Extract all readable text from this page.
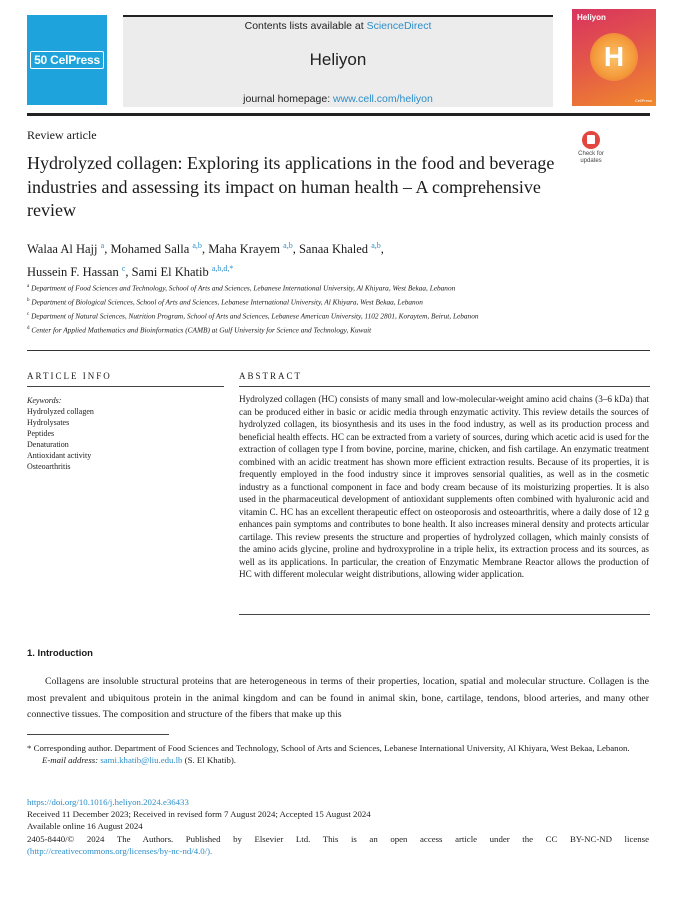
50 CelPress
Contents lists available at ScienceDirect
Heliyon
journal homepage: www.cell.com/heliyon
Heliyon
H
CellPress
Review article
Check for
updates
Hydrolyzed collagen: Exploring its applications in the food and beverage industries and assessing its impact on human health – A comprehensive review
Walaa Al Hajj $^a$, Mohamed Salla $^{a,b}$, Maha Krayem $^{a,b}$, Sanaa Khaled $^{a,b}$,
Hussein F. Hassan $^c$, Sami El Khatib $^{a,b,d,*}$
$^a$ Department of Food Sciences and Technology, School of Arts and Sciences, Lebanese International University, Al Khiyara, West Bekaa, Lebanon
$^b$ Department of Biological Sciences, School of Arts and Sciences, Lebanese International University, Al Khiyara, West Bekaa, Lebanon
$^c$ Department of Natural Sciences, Nutrition Program, School of Arts and Sciences, Lebanese American University, 1102 2801, Koraytem, Beirut, Lebanon
$^d$ Center for Applied Mathematics and Bioinformatics (CAMB) at Gulf University for Science and Technology, Kuwait
ARTICLE INFO
Keywords:
Hydrolyzed collagen
Hydrolysates
Peptides
Denaturation
Antioxidant activity
Osteoarthritis
ABSTRACT
Hydrolyzed collagen (HC) consists of many small and low-molecular-weight amino acid chains (3–6 kDa) that can be produced either in basic or acidic media through enzymatic activity. This review details the sources of hydrolyzed collagen, its biosynthesis and its uses in the food industry, as well as its production process and beneficial health effects. HC can be extracted from a variety of sources, during which acetic acid is used for the extraction of collagen type I from bovine, porcine, marine, chicken, and fish cartilage. An enzymatic treatment combined with an acidic treatment has shown more efficient extraction results. Because of its properties, it is frequently employed in the food industry since it improves sensorial qualities, as well as in the cosmetic industry as a functional component in face and body cream because of its moisturizing properties. It is also used in the pharmaceutical development of antioxidant supplements often combined with hyaluronic acid and vitamin C. HC has an excellent therapeutic effect on osteoporosis and osteoarthritis, where a daily dose of 12 g enhances pain symptoms and contributes to bone health. It also increases mineral density and protects articular cartilage. This review presents the structure and properties of hydrolyzed collagen, which mainly consists of the amino acids glycine, proline and hydroxyproline in a triple helix, its extraction process and its sources, as well as its applications. In particular, the creation of Enzymatic Membrane Reactor allows the production of HC with different molecular weight distributions, allowing wider application.
1. Introduction
Collagens are insoluble structural proteins that are heterogeneous in terms of their properties, location, spatial and molecular structure. Collagen is the most prevalent and ubiquitous protein in the animal kingdom and can be found in animal skin, bone, cartilage, tendons, blood arteries, and many other connective tissues. The composition and structure of the fibers that make up this
* Corresponding author. Department of Food Sciences and Technology, School of Arts and Sciences, Lebanese International University, Al Khiyara, West Bekaa, Lebanon.
E-mail address: sami.khatib@liu.edu.lb (S. El Khatib).
https://doi.org/10.1016/j.heliyon.2024.e36433
Received 11 December 2023; Received in revised form 7 August 2024; Accepted 15 August 2024
Available online 16 August 2024
2405-8440/© 2024 The Authors. Published by Elsevier Ltd. This is an open access article under the CC BY-NC-ND license
(http://creativecommons.org/licenses/by-nc-nd/4.0/).
